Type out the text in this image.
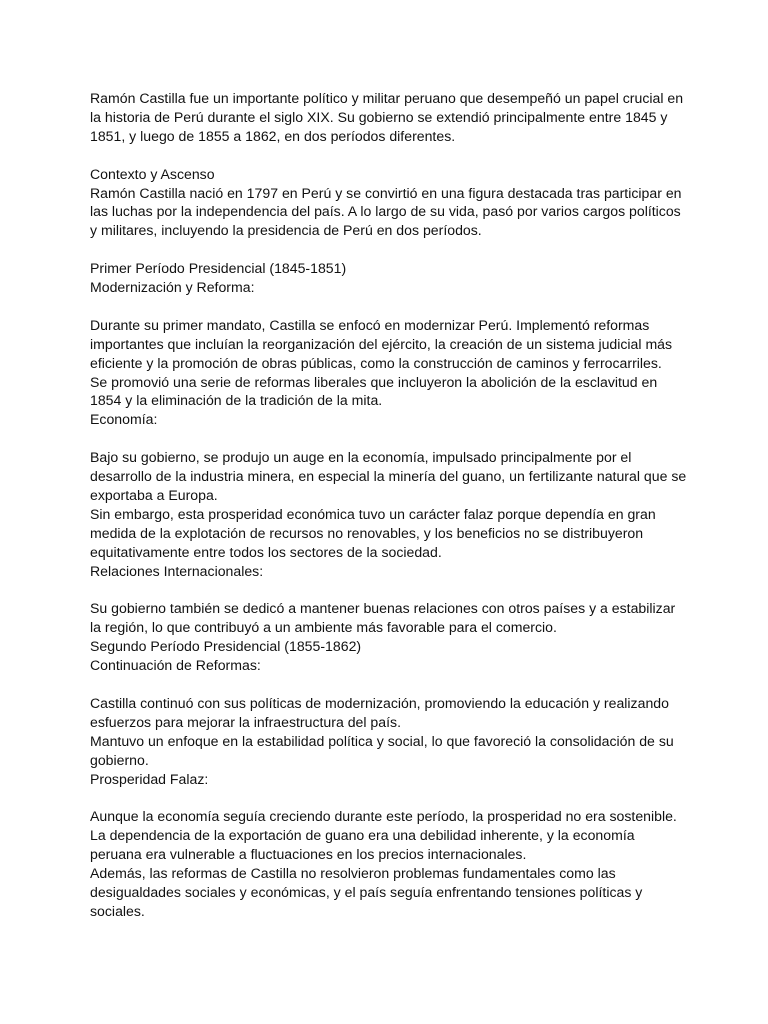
Ramón Castilla fue un importante político y militar peruano que desempeñó un papel crucial en
la historia de Perú durante el siglo XIX. Su gobierno se extendió principalmente entre 1845 y
1851, y luego de 1855 a 1862, en dos períodos diferentes.

Contexto y Ascenso
Ramón Castilla nació en 1797 en Perú y se convirtió en una figura destacada tras participar en
las luchas por la independencia del país. A lo largo de su vida, pasó por varios cargos políticos
y militares, incluyendo la presidencia de Perú en dos períodos.

Primer Período Presidencial (1845-1851)
Modernización y Reforma:

Durante su primer mandato, Castilla se enfocó en modernizar Perú. Implementó reformas
importantes que incluían la reorganización del ejército, la creación de un sistema judicial más
eficiente y la promoción de obras públicas, como la construcción de caminos y ferrocarriles.
Se promovió una serie de reformas liberales que incluyeron la abolición de la esclavitud en
1854 y la eliminación de la tradición de la mita.
Economía:

Bajo su gobierno, se produjo un auge en la economía, impulsado principalmente por el
desarrollo de la industria minera, en especial la minería del guano, un fertilizante natural que se
exportaba a Europa.
Sin embargo, esta prosperidad económica tuvo un carácter falaz porque dependía en gran
medida de la explotación de recursos no renovables, y los beneficios no se distribuyeron
equitativamente entre todos los sectores de la sociedad.
Relaciones Internacionales:

Su gobierno también se dedicó a mantener buenas relaciones con otros países y a estabilizar
la región, lo que contribuyó a un ambiente más favorable para el comercio.
Segundo Período Presidencial (1855-1862)
Continuación de Reformas:

Castilla continuó con sus políticas de modernización, promoviendo la educación y realizando
esfuerzos para mejorar la infraestructura del país.
Mantuvo un enfoque en la estabilidad política y social, lo que favoreció la consolidación de su
gobierno.
Prosperidad Falaz:

Aunque la economía seguía creciendo durante este período, la prosperidad no era sostenible.
La dependencia de la exportación de guano era una debilidad inherente, y la economía
peruana era vulnerable a fluctuaciones en los precios internacionales.
Además, las reformas de Castilla no resolvieron problemas fundamentales como las
desigualdades sociales y económicas, y el país seguía enfrentando tensiones políticas y
sociales.
